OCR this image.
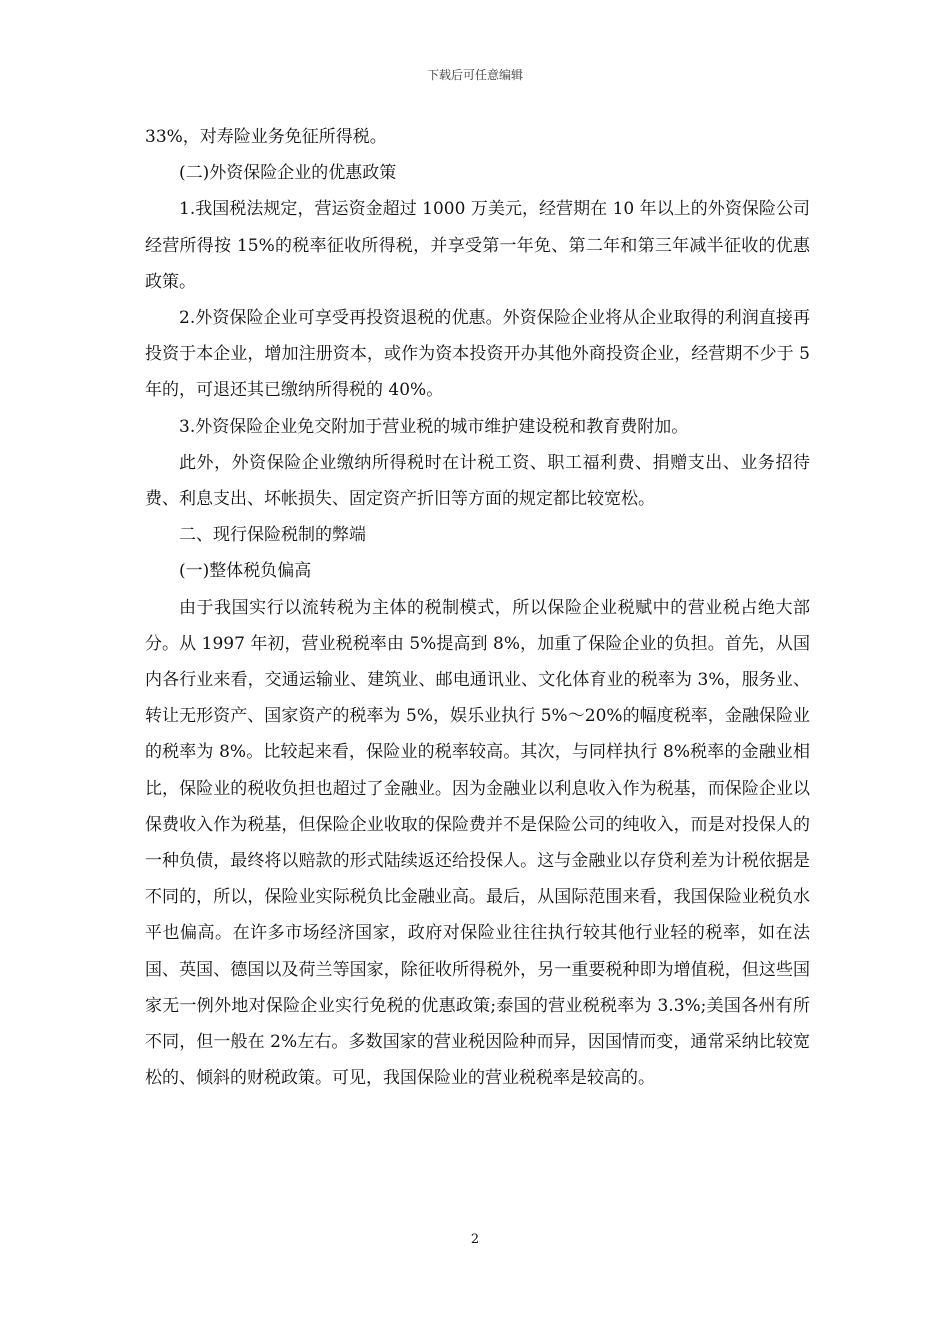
下载后可任意编辑

33%，对寿险业务免征所得税。

(二)外资保险企业的优惠政策

1.我国税法规定，营运资金超过 1000 万美元，经营期在 10 年以上的外资保险公司经营所得按 15%的税率征收所得税，并享受第一年免、第二年和第三年减半征收的优惠政策。

2.外资保险企业可享受再投资退税的优惠。外资保险企业将从企业取得的利润直接再投资于本企业，增加注册资本，或作为资本投资开办其他外商投资企业，经营期不少于 5 年的，可退还其已缴纳所得税的 40%。

3.外资保险企业免交附加于营业税的城市维护建设税和教育费附加。

此外，外资保险企业缴纳所得税时在计税工资、职工福利费、捐赠支出、业务招待费、利息支出、坏帐损失、固定资产折旧等方面的规定都比较宽松。

二、现行保险税制的弊端

(一)整体税负偏高

由于我国实行以流转税为主体的税制模式，所以保险企业税赋中的营业税占绝大部分。从 1997 年初，营业税税率由 5%提高到 8%，加重了保险企业的负担。首先，从国内各行业来看，交通运输业、建筑业、邮电通讯业、文化体育业的税率为 3%，服务业、转让无形资产、国家资产的税率为 5%，娱乐业执行 5%～20%的幅度税率，金融保险业的税率为 8%。比较起来看，保险业的税率较高。其次，与同样执行 8%税率的金融业相比，保险业的税收负担也超过了金融业。因为金融业以利息收入作为税基，而保险企业以保费收入作为税基，但保险企业收取的保险费并不是保险公司的纯收入，而是对投保人的一种负债，最终将以赔款的形式陆续返还给投保人。这与金融业以存贷利差为计税依据是不同的，所以，保险业实际税负比金融业高。最后，从国际范围来看，我国保险业税负水平也偏高。在许多市场经济国家，政府对保险业往往执行较其他行业轻的税率，如在法国、英国、德国以及荷兰等国家，除征收所得税外，另一重要税种即为增值税，但这些国家无一例外地对保险企业实行免税的优惠政策;泰国的营业税税率为 3.3%;美国各州有所不同，但一般在 2%左右。多数国家的营业税因险种而异，因国情而变，通常采纳比较宽松的、倾斜的财税政策。可见，我国保险业的营业税税率是较高的。

2
